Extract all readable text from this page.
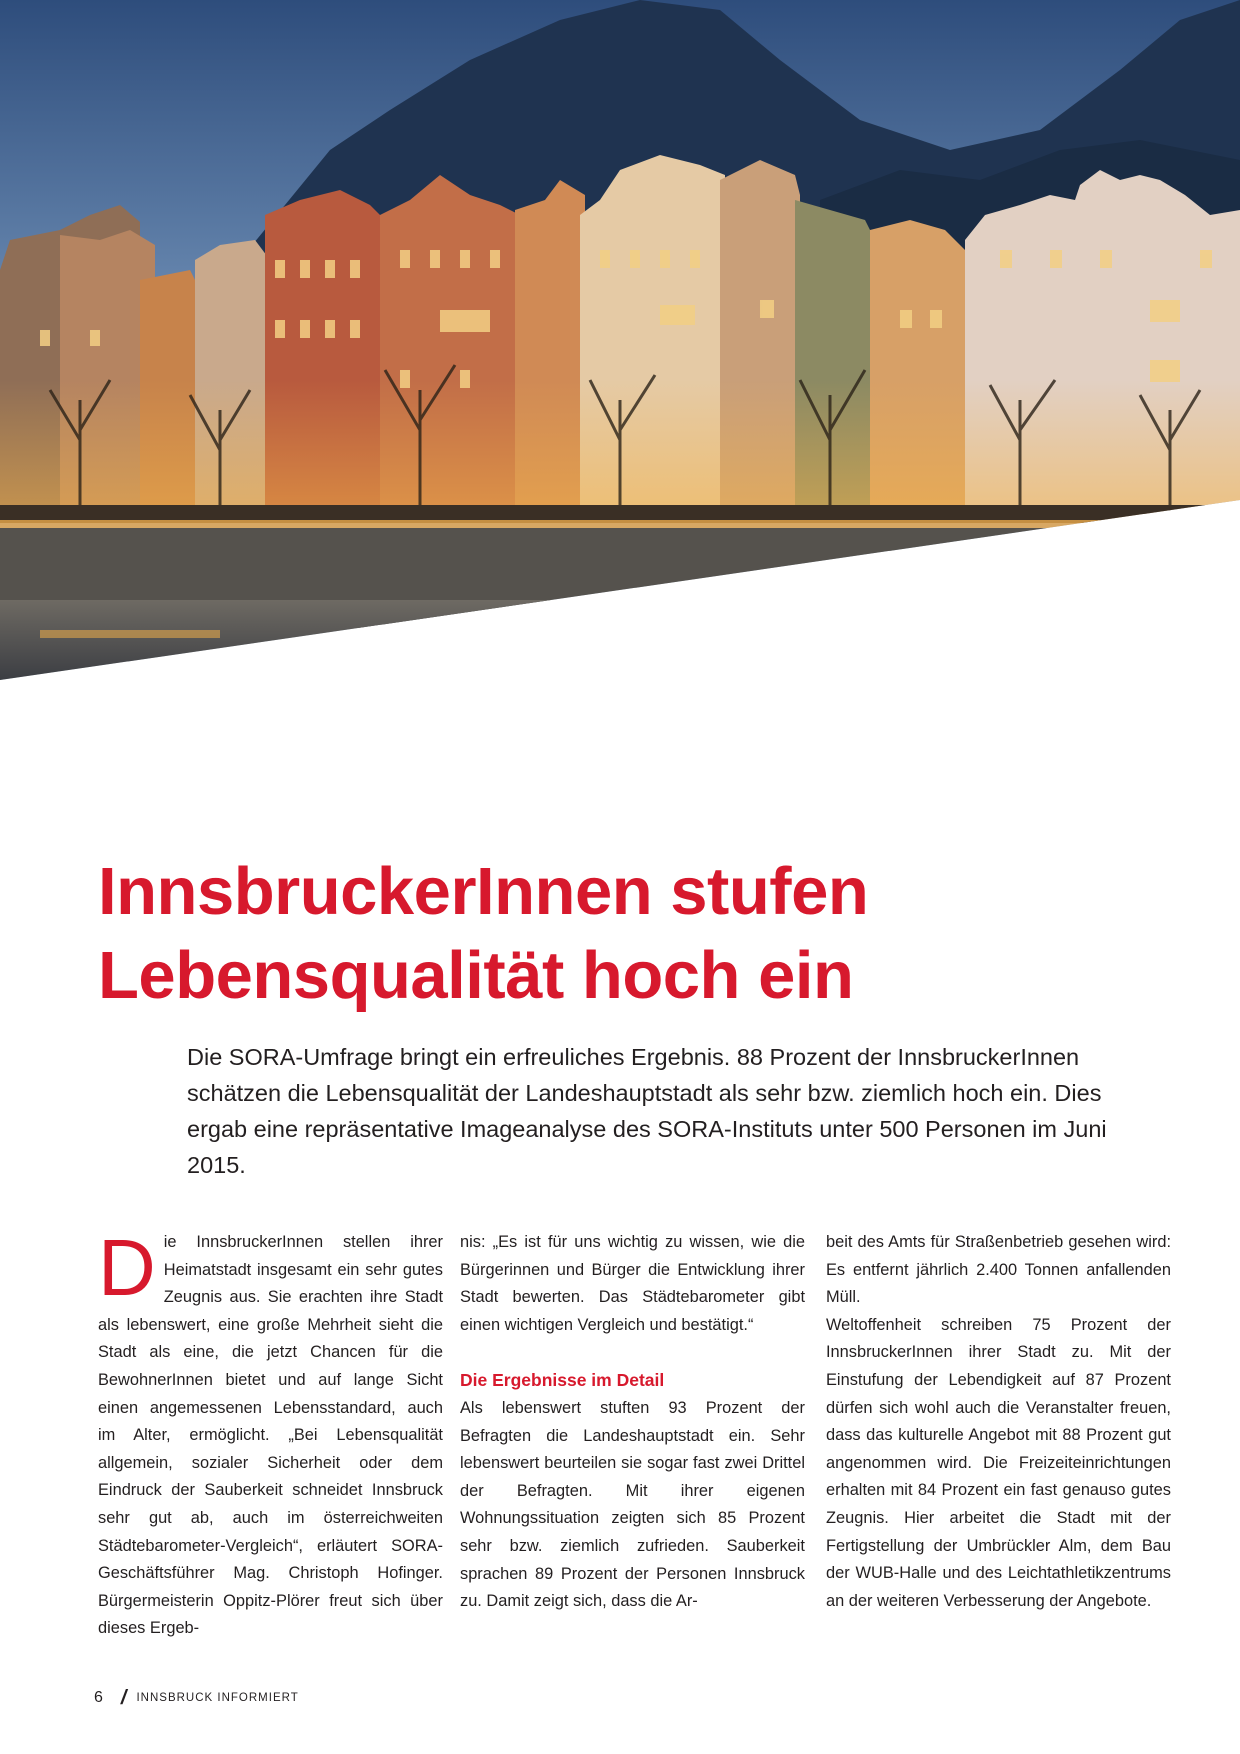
InnsbruckerInnen stufen
Lebensqualität hoch ein

Die SORA-Umfrage bringt ein erfreuliches Ergebnis. 88 Prozent der InnsbruckerInnen schätzen die Lebensqualität der Landeshauptstadt als sehr bzw. ziemlich hoch ein. Dies ergab eine repräsentative Imageanalyse des SORA-Instituts unter 500 Personen im Juni 2015.

Die InnsbruckerInnen stellen ihrer Heimatstadt insgesamt ein sehr gutes Zeugnis aus. Sie erachten ihre Stadt als lebenswert, eine große Mehrheit sieht die Stadt als eine, die jetzt Chancen für die BewohnerInnen bietet und auf lange Sicht einen angemessenen Lebensstandard, auch im Alter, ermöglicht. „Bei Lebensqualität allgemein, sozialer Sicherheit oder dem Eindruck der Sauberkeit schneidet Innsbruck sehr gut ab, auch im österreichweiten Städtebarometer-Vergleich“, erläutert SORA-Geschäftsführer Mag. Christoph Hofinger. Bürgermeisterin Oppitz-Plörer freut sich über dieses Ergeb-

nis: „Es ist für uns wichtig zu wissen, wie die Bürgerinnen und Bürger die Entwicklung ihrer Stadt bewerten. Das Städtebarometer gibt einen wichtigen Vergleich und bestätigt.“

Die Ergebnisse im Detail

Als lebenswert stuften 93 Prozent der Befragten die Landeshauptstadt ein. Sehr lebenswert beurteilen sie sogar fast zwei Drittel der Befragten. Mit ihrer eigenen Wohnungssituation zeigten sich 85 Prozent sehr bzw. ziemlich zufrieden. Sauberkeit sprachen 89 Prozent der Personen Innsbruck zu. Damit zeigt sich, dass die Ar-

beit des Amts für Straßenbetrieb gesehen wird: Es entfernt jährlich 2.400 Tonnen anfallenden Müll.

Weltoffenheit schreiben 75 Prozent der InnsbruckerInnen ihrer Stadt zu. Mit der Einstufung der Lebendigkeit auf 87 Prozent dürfen sich wohl auch die Veranstalter freuen, dass das kulturelle Angebot mit 88 Prozent gut angenommen wird. Die Freizeiteinrichtungen erhalten mit 84 Prozent ein fast genauso gutes Zeugnis. Hier arbeitet die Stadt mit der Fertigstellung der Umbrückler Alm, dem Bau der WUB-Halle und des Leichtathletikzentrums an der weiteren Verbesserung der Angebote.

6 / INNSBRUCK INFORMIERT
